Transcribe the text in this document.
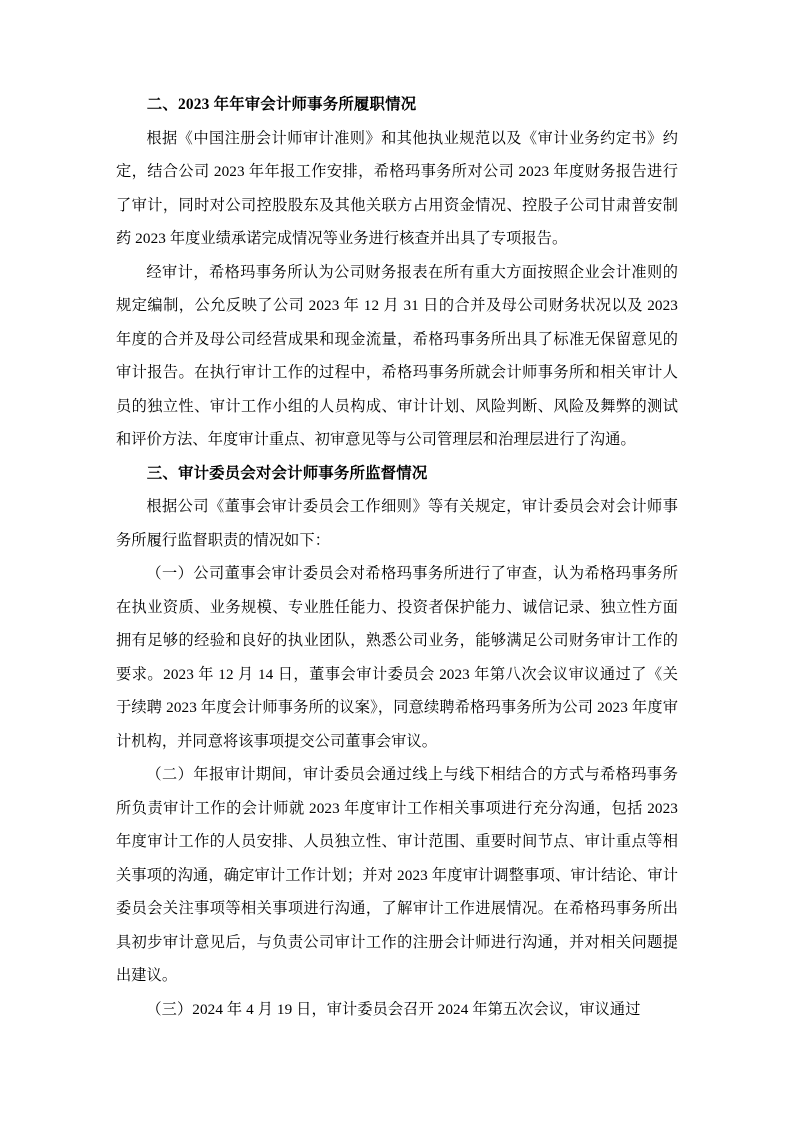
二、2023 年年审会计师事务所履职情况

根据《中国注册会计师审计准则》和其他执业规范以及《审计业务约定书》约定，结合公司 2023 年年报工作安排，希格玛事务所对公司 2023 年度财务报告进行了审计，同时对公司控股股东及其他关联方占用资金情况、控股子公司甘肃普安制药 2023 年度业绩承诺完成情况等业务进行核查并出具了专项报告。

经审计，希格玛事务所认为公司财务报表在所有重大方面按照企业会计准则的规定编制，公允反映了公司 2023 年 12 月 31 日的合并及母公司财务状况以及 2023 年度的合并及母公司经营成果和现金流量，希格玛事务所出具了标准无保留意见的审计报告。在执行审计工作的过程中，希格玛事务所就会计师事务所和相关审计人员的独立性、审计工作小组的人员构成、审计计划、风险判断、风险及舞弊的测试和评价方法、年度审计重点、初审意见等与公司管理层和治理层进行了沟通。

三、审计委员会对会计师事务所监督情况

根据公司《董事会审计委员会工作细则》等有关规定，审计委员会对会计师事务所履行监督职责的情况如下：

（一）公司董事会审计委员会对希格玛事务所进行了审查，认为希格玛事务所在执业资质、业务规模、专业胜任能力、投资者保护能力、诚信记录、独立性方面拥有足够的经验和良好的执业团队，熟悉公司业务，能够满足公司财务审计工作的要求。2023 年 12 月 14 日，董事会审计委员会 2023 年第八次会议审议通过了《关于续聘 2023 年度会计师事务所的议案》，同意续聘希格玛事务所为公司 2023 年度审计机构，并同意将该事项提交公司董事会审议。

（二）年报审计期间，审计委员会通过线上与线下相结合的方式与希格玛事务所负责审计工作的会计师就 2023 年度审计工作相关事项进行充分沟通，包括 2023 年度审计工作的人员安排、人员独立性、审计范围、重要时间节点、审计重点等相关事项的沟通，确定审计工作计划；并对 2023 年度审计调整事项、审计结论、审计委员会关注事项等相关事项进行沟通，了解审计工作进展情况。在希格玛事务所出具初步审计意见后，与负责公司审计工作的注册会计师进行沟通，并对相关问题提出建议。

（三）2024 年 4 月 19 日，审计委员会召开 2024 年第五次会议，审议通过
